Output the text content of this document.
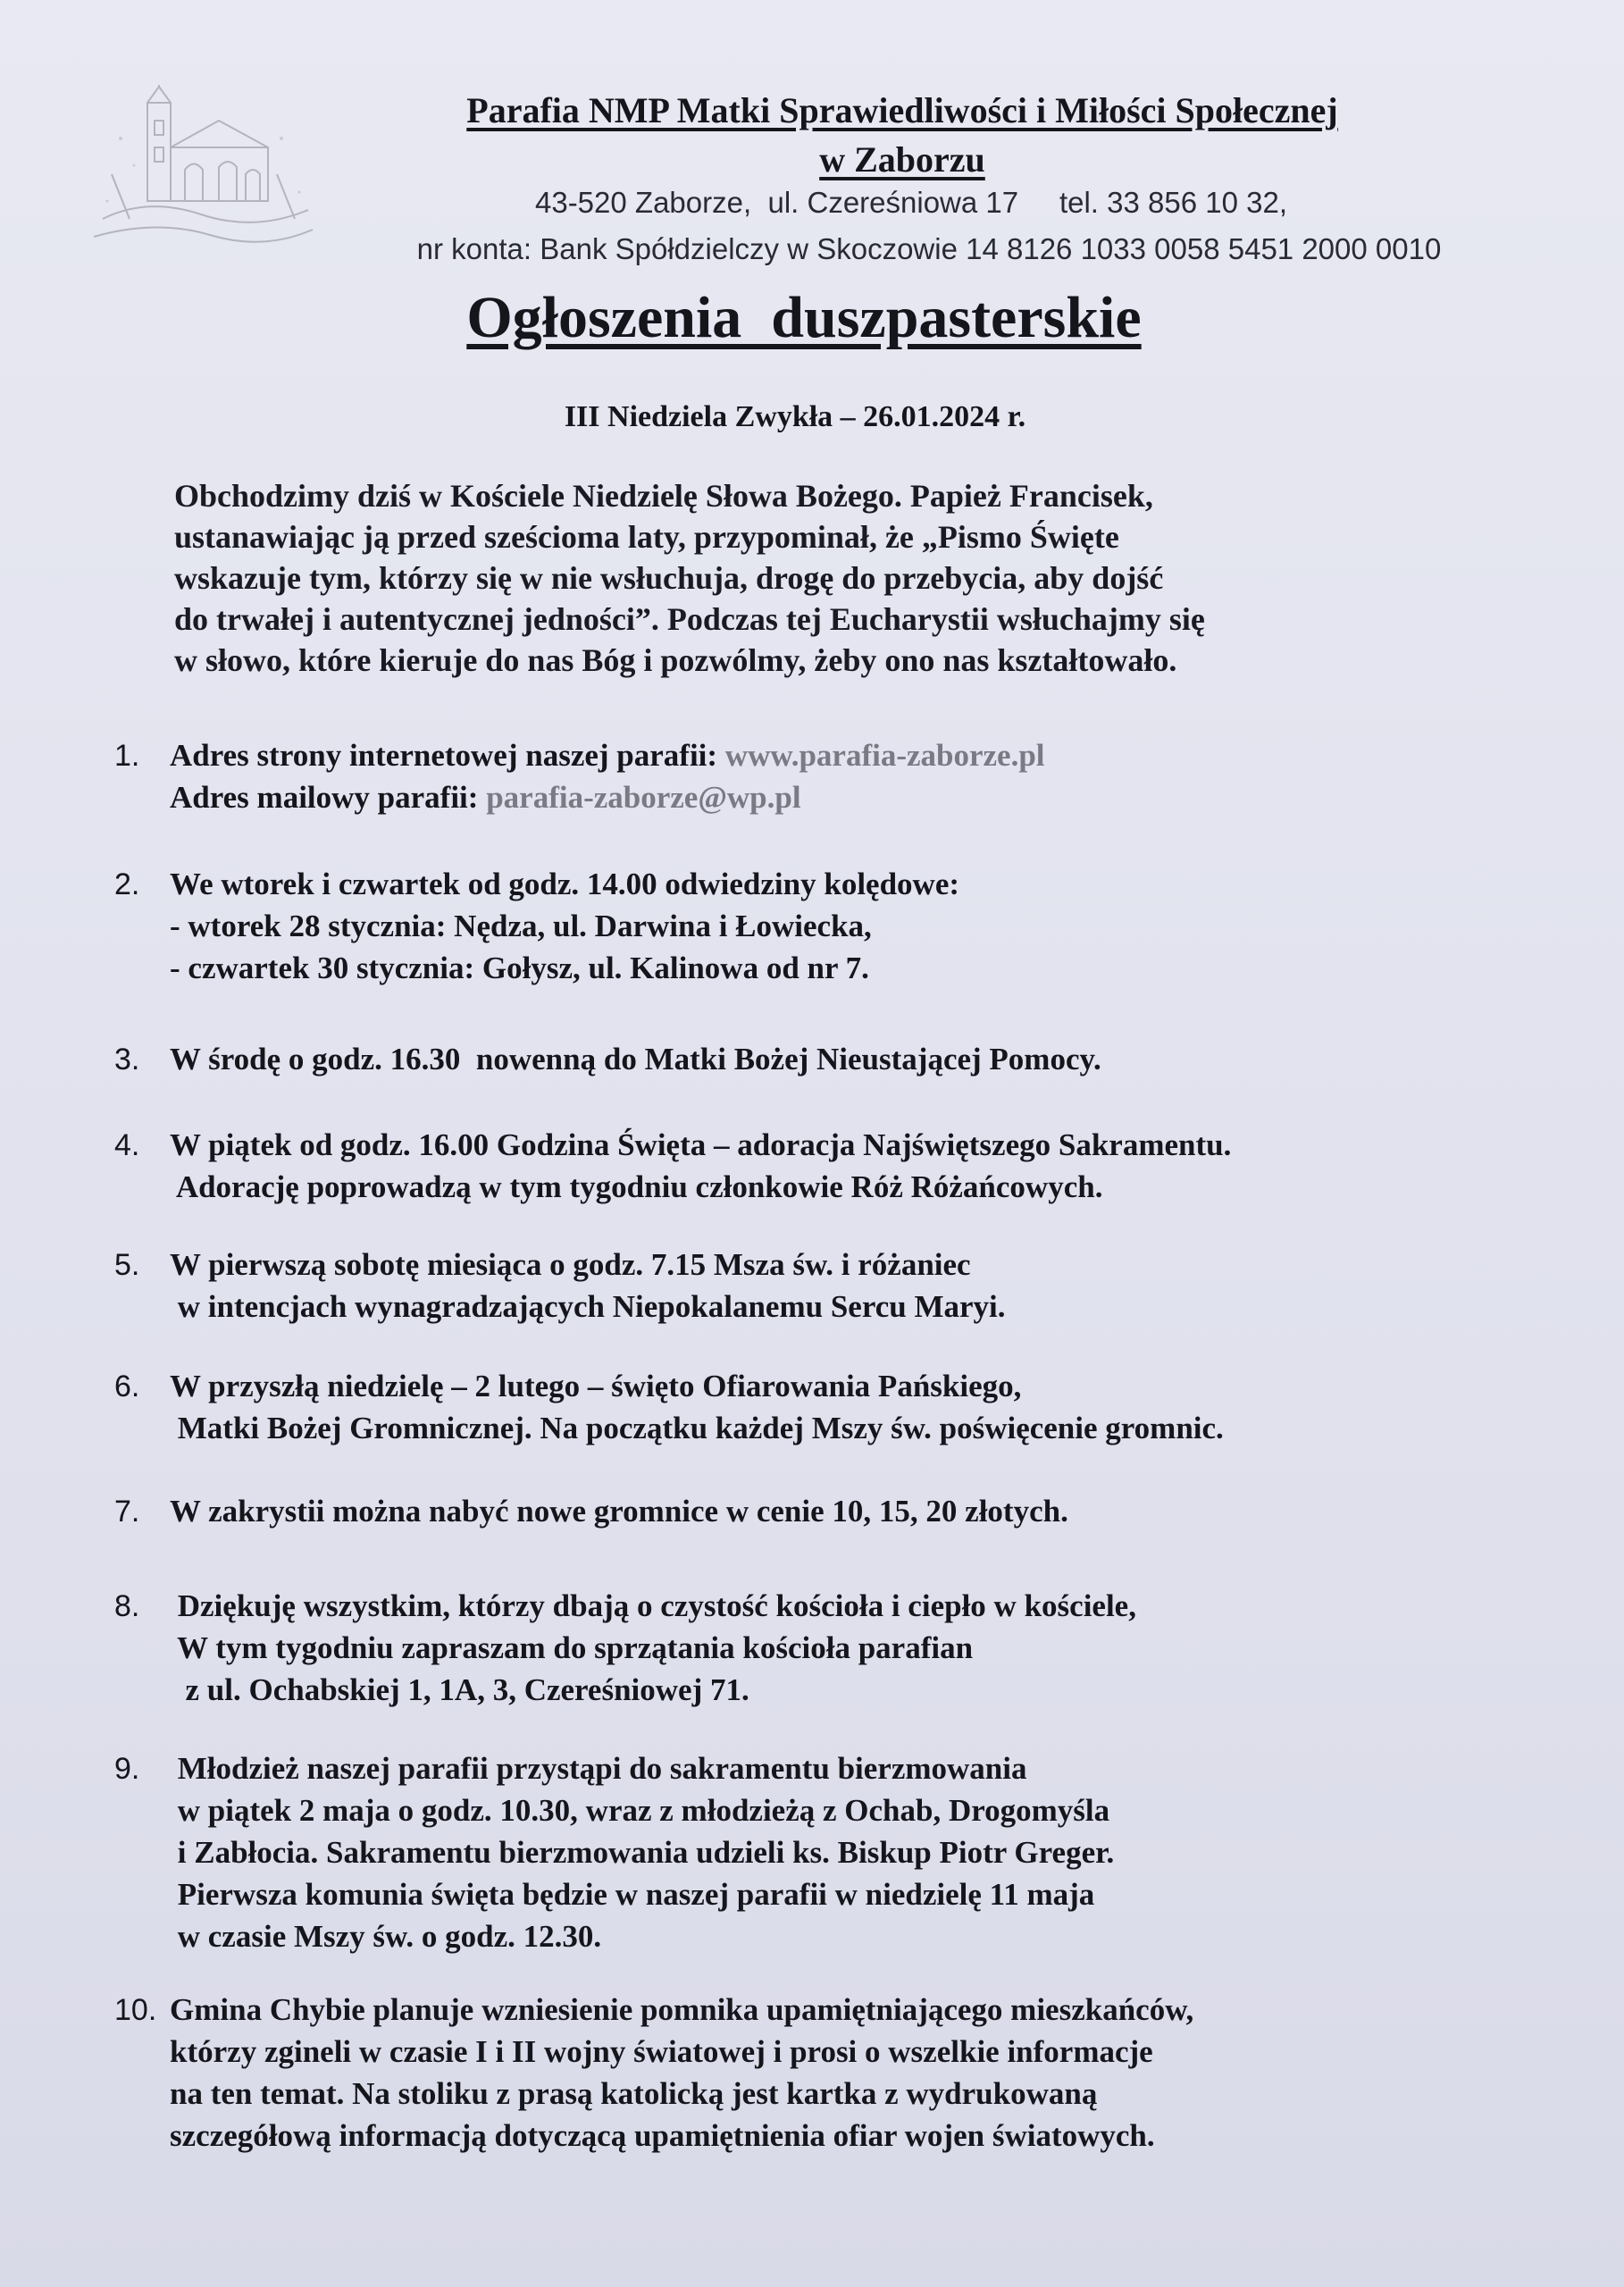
Parafia NMP Matki Sprawiedliwości i Miłości Społecznej
w Zaborzu
43-520 Zaborze,  ul. Czereśniowa 17     tel. 33 856 10 32,
nr konta: Bank Spółdzielczy w Skoczowie 14 8126 1033 0058 5451 2000 0010
Ogłoszenia  duszpasterskie
III Niedziela Zwykła – 26.01.2024 r.
Obchodzimy dziś w Kościele Niedzielę Słowa Bożego. Papież Francisek,
ustanawiając ją przed sześcioma laty, przypominał, że „Pismo Święte
wskazuje tym, którzy się w nie wsłuchuja, drogę do przebycia, aby dojść
do trwałej i autentycznej jedności”. Podczas tej Eucharystii wsłuchajmy się
w słowo, które kieruje do nas Bóg i pozwólmy, żeby ono nas kształtowało.
1. Adres strony internetowej naszej parafii: www.parafia-zaborze.pl
Adres mailowy parafii: parafia-zaborze@wp.pl
2. We wtorek i czwartek od godz. 14.00 odwiedziny kolędowe:
- wtorek 28 stycznia: Nędza, ul. Darwina i Łowiecka,
- czwartek 30 stycznia: Gołysz, ul. Kalinowa od nr 7.
3. W środę o godz. 16.30  nowenną do Matki Bożej Nieustającej Pomocy.
4. W piątek od godz. 16.00 Godzina Święta – adoracja Najświętszego Sakramentu.
Adorację poprowadzą w tym tygodniu członkowie Róż Różańcowych.
5. W pierwszą sobotę miesiąca o godz. 7.15 Msza św. i różaniec
w intencjach wynagradzających Niepokalanemu Sercu Maryi.
6. W przyszłą niedzielę – 2 lutego – święto Ofiarowania Pańskiego,
Matki Bożej Gromnicznej. Na początku każdej Mszy św. poświęcenie gromnic.
7. W zakrystii można nabyć nowe gromnice w cenie 10, 15, 20 złotych.
8. Dziękuję wszystkim, którzy dbają o czystość kościoła i ciepło w kościele,
W tym tygodniu zapraszam do sprzątania kościoła parafian
z ul. Ochabskiej 1, 1A, 3, Czereśniowej 71.
9. Młodzież naszej parafii przystąpi do sakramentu bierzmowania
w piątek 2 maja o godz. 10.30, wraz z młodzieżą z Ochab, Drogomyśla
i Zabłocia. Sakramentu bierzmowania udzieli ks. Biskup Piotr Greger.
Pierwsza komunia święta będzie w naszej parafii w niedzielę 11 maja
w czasie Mszy św. o godz. 12.30.
10. Gmina Chybie planuje wzniesienie pomnika upamiętniającego mieszkańców,
którzy zgineli w czasie I i II wojny światowej i prosi o wszelkie informacje
na ten temat. Na stoliku z prasą katolicką jest kartka z wydrukowaną
szczegółową informacją dotyczącą upamiętnienia ofiar wojen światowych.
